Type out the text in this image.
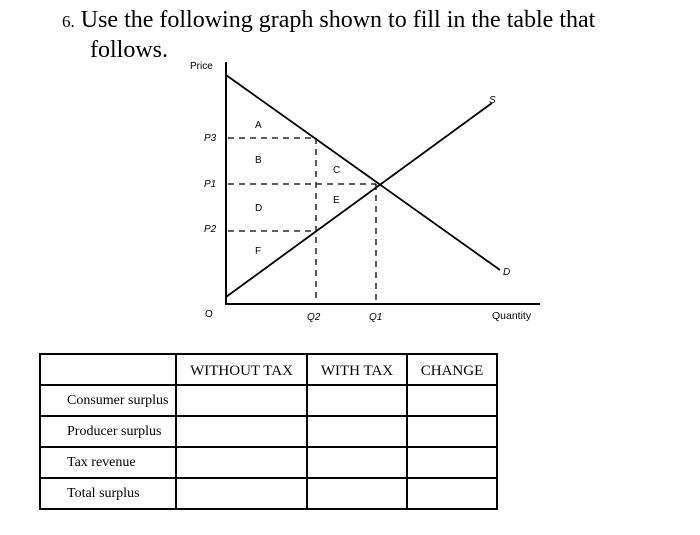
6. Use the following graph shown to fill in the table that
follows.
Price
Quantity
O
S
D
P3
P1
P2
Q2	Q1
A
B
C
D
E
F
	WITHOUT TAX	WITH TAX	CHANGE
Consumer surplus			
Producer surplus			
Tax revenue			
Total surplus			
